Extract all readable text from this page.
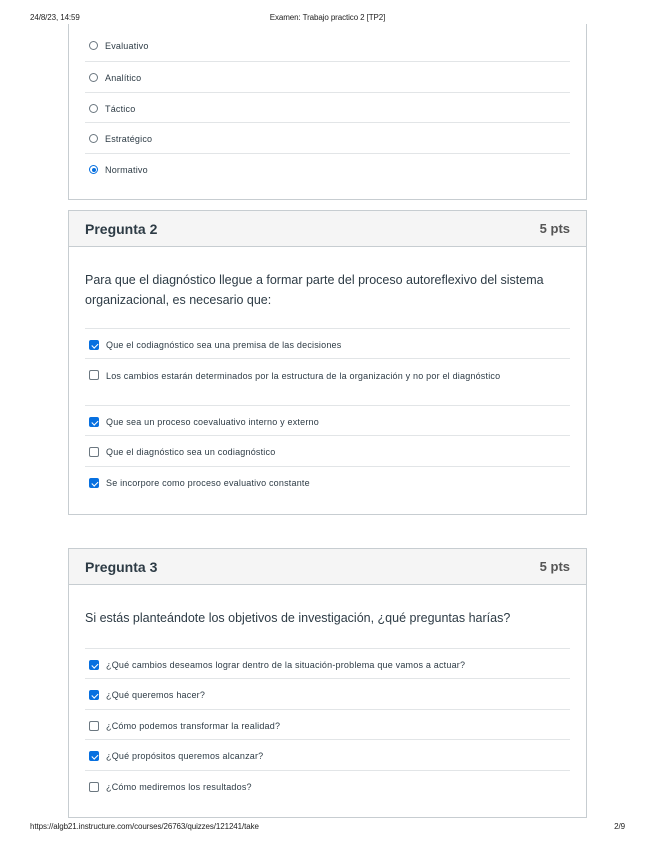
24/8/23, 14:59	Examen: Trabajo practico 2 [TP2]
Evaluativo
Analítico
Táctico
Estratégico
Normativo
Pregunta 2	5 pts

Para que el diagnóstico llegue a formar parte del proceso autoreflexivo del sistema organizacional, es necesario que:

Que el codiagnóstico sea una premisa de las decisiones
Los cambios estarán determinados por la estructura de la organización y no por el diagnóstico
Que sea un proceso coevaluativo interno y externo
Que el diagnóstico sea un codiagnóstico
Se incorpore como proceso evaluativo constante
Pregunta 3	5 pts

Si estás planteándote los objetivos de investigación, ¿qué preguntas harías?

¿Qué cambios deseamos lograr dentro de la situación-problema que vamos a actuar?
¿Qué queremos hacer?
¿Cómo podemos transformar la realidad?
¿Qué propósitos queremos alcanzar?
¿Cómo mediremos los resultados?
https://algb21.instructure.com/courses/26763/quizzes/121241/take	2/9
